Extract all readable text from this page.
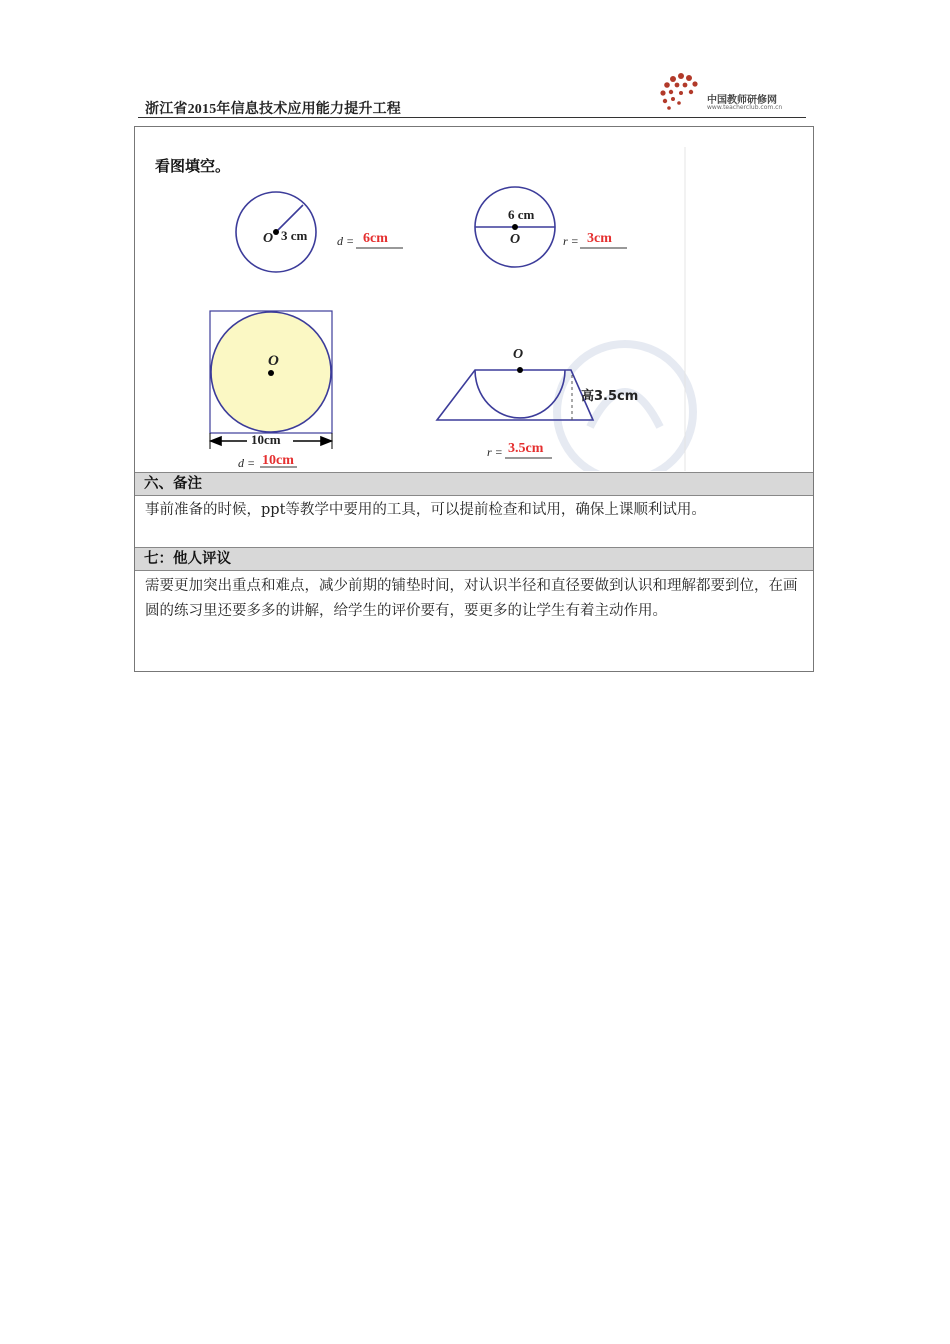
浙江省2015年信息技术应用能力提升工程
中国教师研修网
www.teacherclub.com.cn
看图填空。
O 3 cm d = 6cm
6 cm
O	r = 3cm
O
10cm
d = 10cm
O
高3.5cm
r = 3.5cm
六、备注
事前准备的时候，ppt等教学中要用的工具，可以提前检查和试用，确保上课顺利试用。
七：他人评议
需要更加突出重点和难点，减少前期的铺垫时间，对认识半径和直径要做到认识和理解都要到位，在画圆的练习里还要多多的讲解，给学生的评价要有，要更多的让学生有着主动作用。
